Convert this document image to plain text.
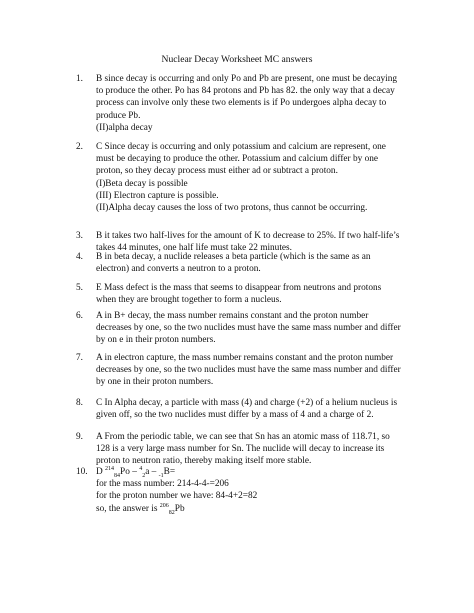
Nuclear Decay Worksheet MC answers
1. B since decay is occurring and only Po and Pb are present, one must be decaying
to produce the other. Po has 84 protons and Pb has 82. the only way that a decay
process can involve only these two elements is if Po undergoes alpha decay to
produce Pb.
(II)alpha decay
2. C Since decay is occurring and only potassium and calcium are represent, one
must be decaying to produce the other. Potassium and calcium differ by one
proton, so they decay process must either ad or subtract a proton.
(I)Beta decay is possible
(III) Electron capture is possible.
(II)Alpha decay causes the loss of two protons, thus cannot be occurring.
3. B it takes two half-lives for the amount of K to decrease to 25%. If two half-life’s
takes 44 minutes, one half life must take 22 minutes.
4. B in beta decay, a nuclide releases a beta particle (which is the same as an
electron) and converts a neutron to a proton.
5. E Mass defect is the mass that seems to disappear from neutrons and protons
when they are brought together to form a nucleus.
6. A in B+ decay, the mass number remains constant and the proton number
decreases by one, so the two nuclides must have the same mass number and differ
by on e in their proton numbers.
7. A in electron capture, the mass number remains constant and the proton number
decreases by one, so the two nuclides must have the same mass number and differ
by one in their proton numbers.
8. C In Alpha decay, a particle with mass (4) and charge (+2) of a helium nucleus is
given off, so the two nuclides must differ by a mass of 4 and a charge of 2.
9. A From the periodic table, we can see that Sn has an atomic mass of 118.71, so
128 is a very large mass number for Sn. The nuclide will decay to increase its
proton to neutron ratio, thereby making itself more stable.
10. D $^{214}_{84}$Po – $^4_2$a – $_{-1}$B=
for the mass number: 214-4-4-=206
for the proton number we have: 84-4+2=82
so, the answer is $^{206}_{82}$Pb
